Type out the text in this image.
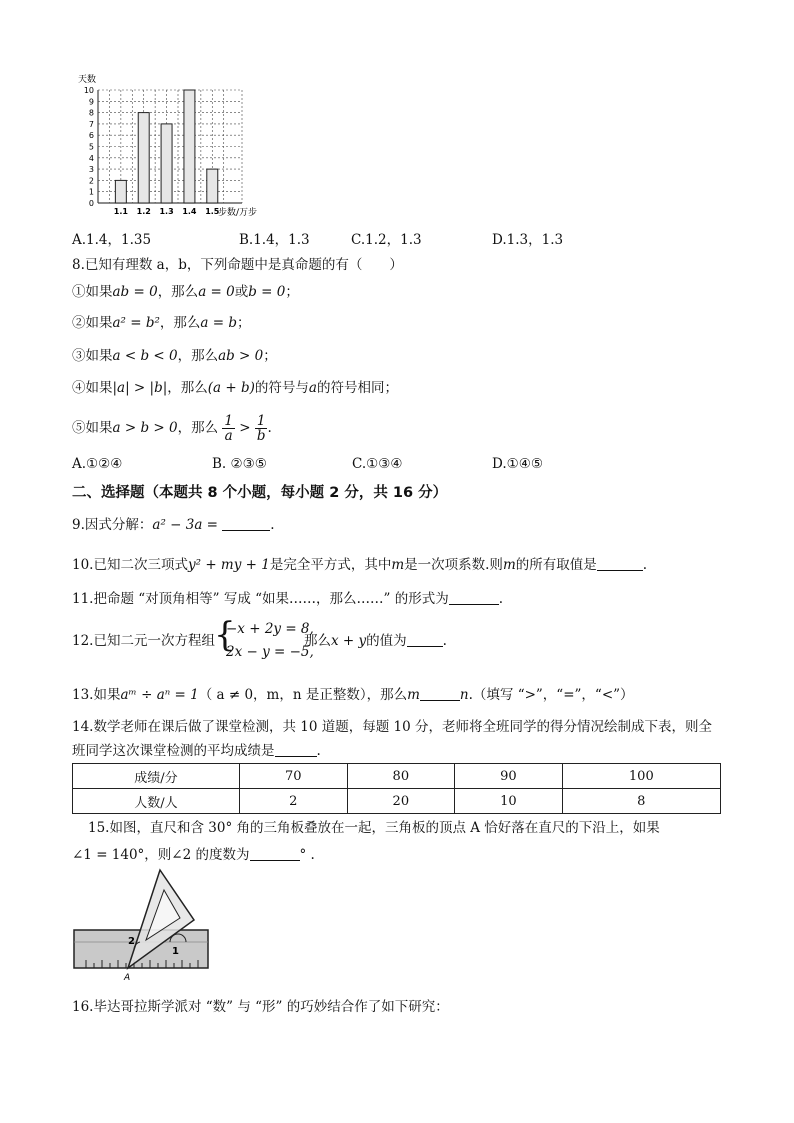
0
1
2
3
4
5
6
7
8
9
10
1.1 1.2 1.3 1.4 1.5
天数
步数/万步
A.1.4，1.35	B.1.4，1.3	C.1.2，1.3	D.1.3，1.3
8.已知有理数 a，b，下列命题中是真命题的有（　　）
①如果ab = 0，那么a = 0或b = 0；
②如果a² = b²，那么a = b；
③如果a < b < 0，那么ab > 0；
④如果|a| > |b|，那么(a + b)的符号与a的符号相同；
⑤如果a > b > 0，那么 $\frac{1}{a} > \frac{1}{b}$ .
A.①②④	B. ②③⑤	C.①③④	D.①④⑤
二、选择题（本题共 8 个小题，每小题 2 分，共 16 分）
9.因式分解：a² − 3a =	.
10.已知二次三项式y² + my + 1是完全平方式，其中m是一次项系数.则m的所有取值是	.
11.把命题 “对顶角相等” 写成 “如果……，那么……” 的形式为	.
12.已知二元一次方程组 {
−x + 2y = 8,
2x − y = −5,
那么x + y的值为	.
13.如果aᵐ ÷ aⁿ = 1（ a ≠ 0，m，n 是正整数），那么m	n.（填写 “>”，“=”，“<”）
14.数学老师在课后做了课堂检测，共 10 道题，每题 10 分，老师将全班同学的得分情况绘制成下表，则全
班同学这次课堂检测的平均成绩是	.
成绩/分	70	80	90	100
人数/人	2	20	10	8
15.如图，直尺和含 30° 角的三角板叠放在一起，三角板的顶点 A 恰好落在直尺的下沿上，如果
∠1 = 140°，则∠2 的度数为	° .
1
2
A
16.毕达哥拉斯学派对 “数” 与 “形” 的巧妙结合作了如下研究：
